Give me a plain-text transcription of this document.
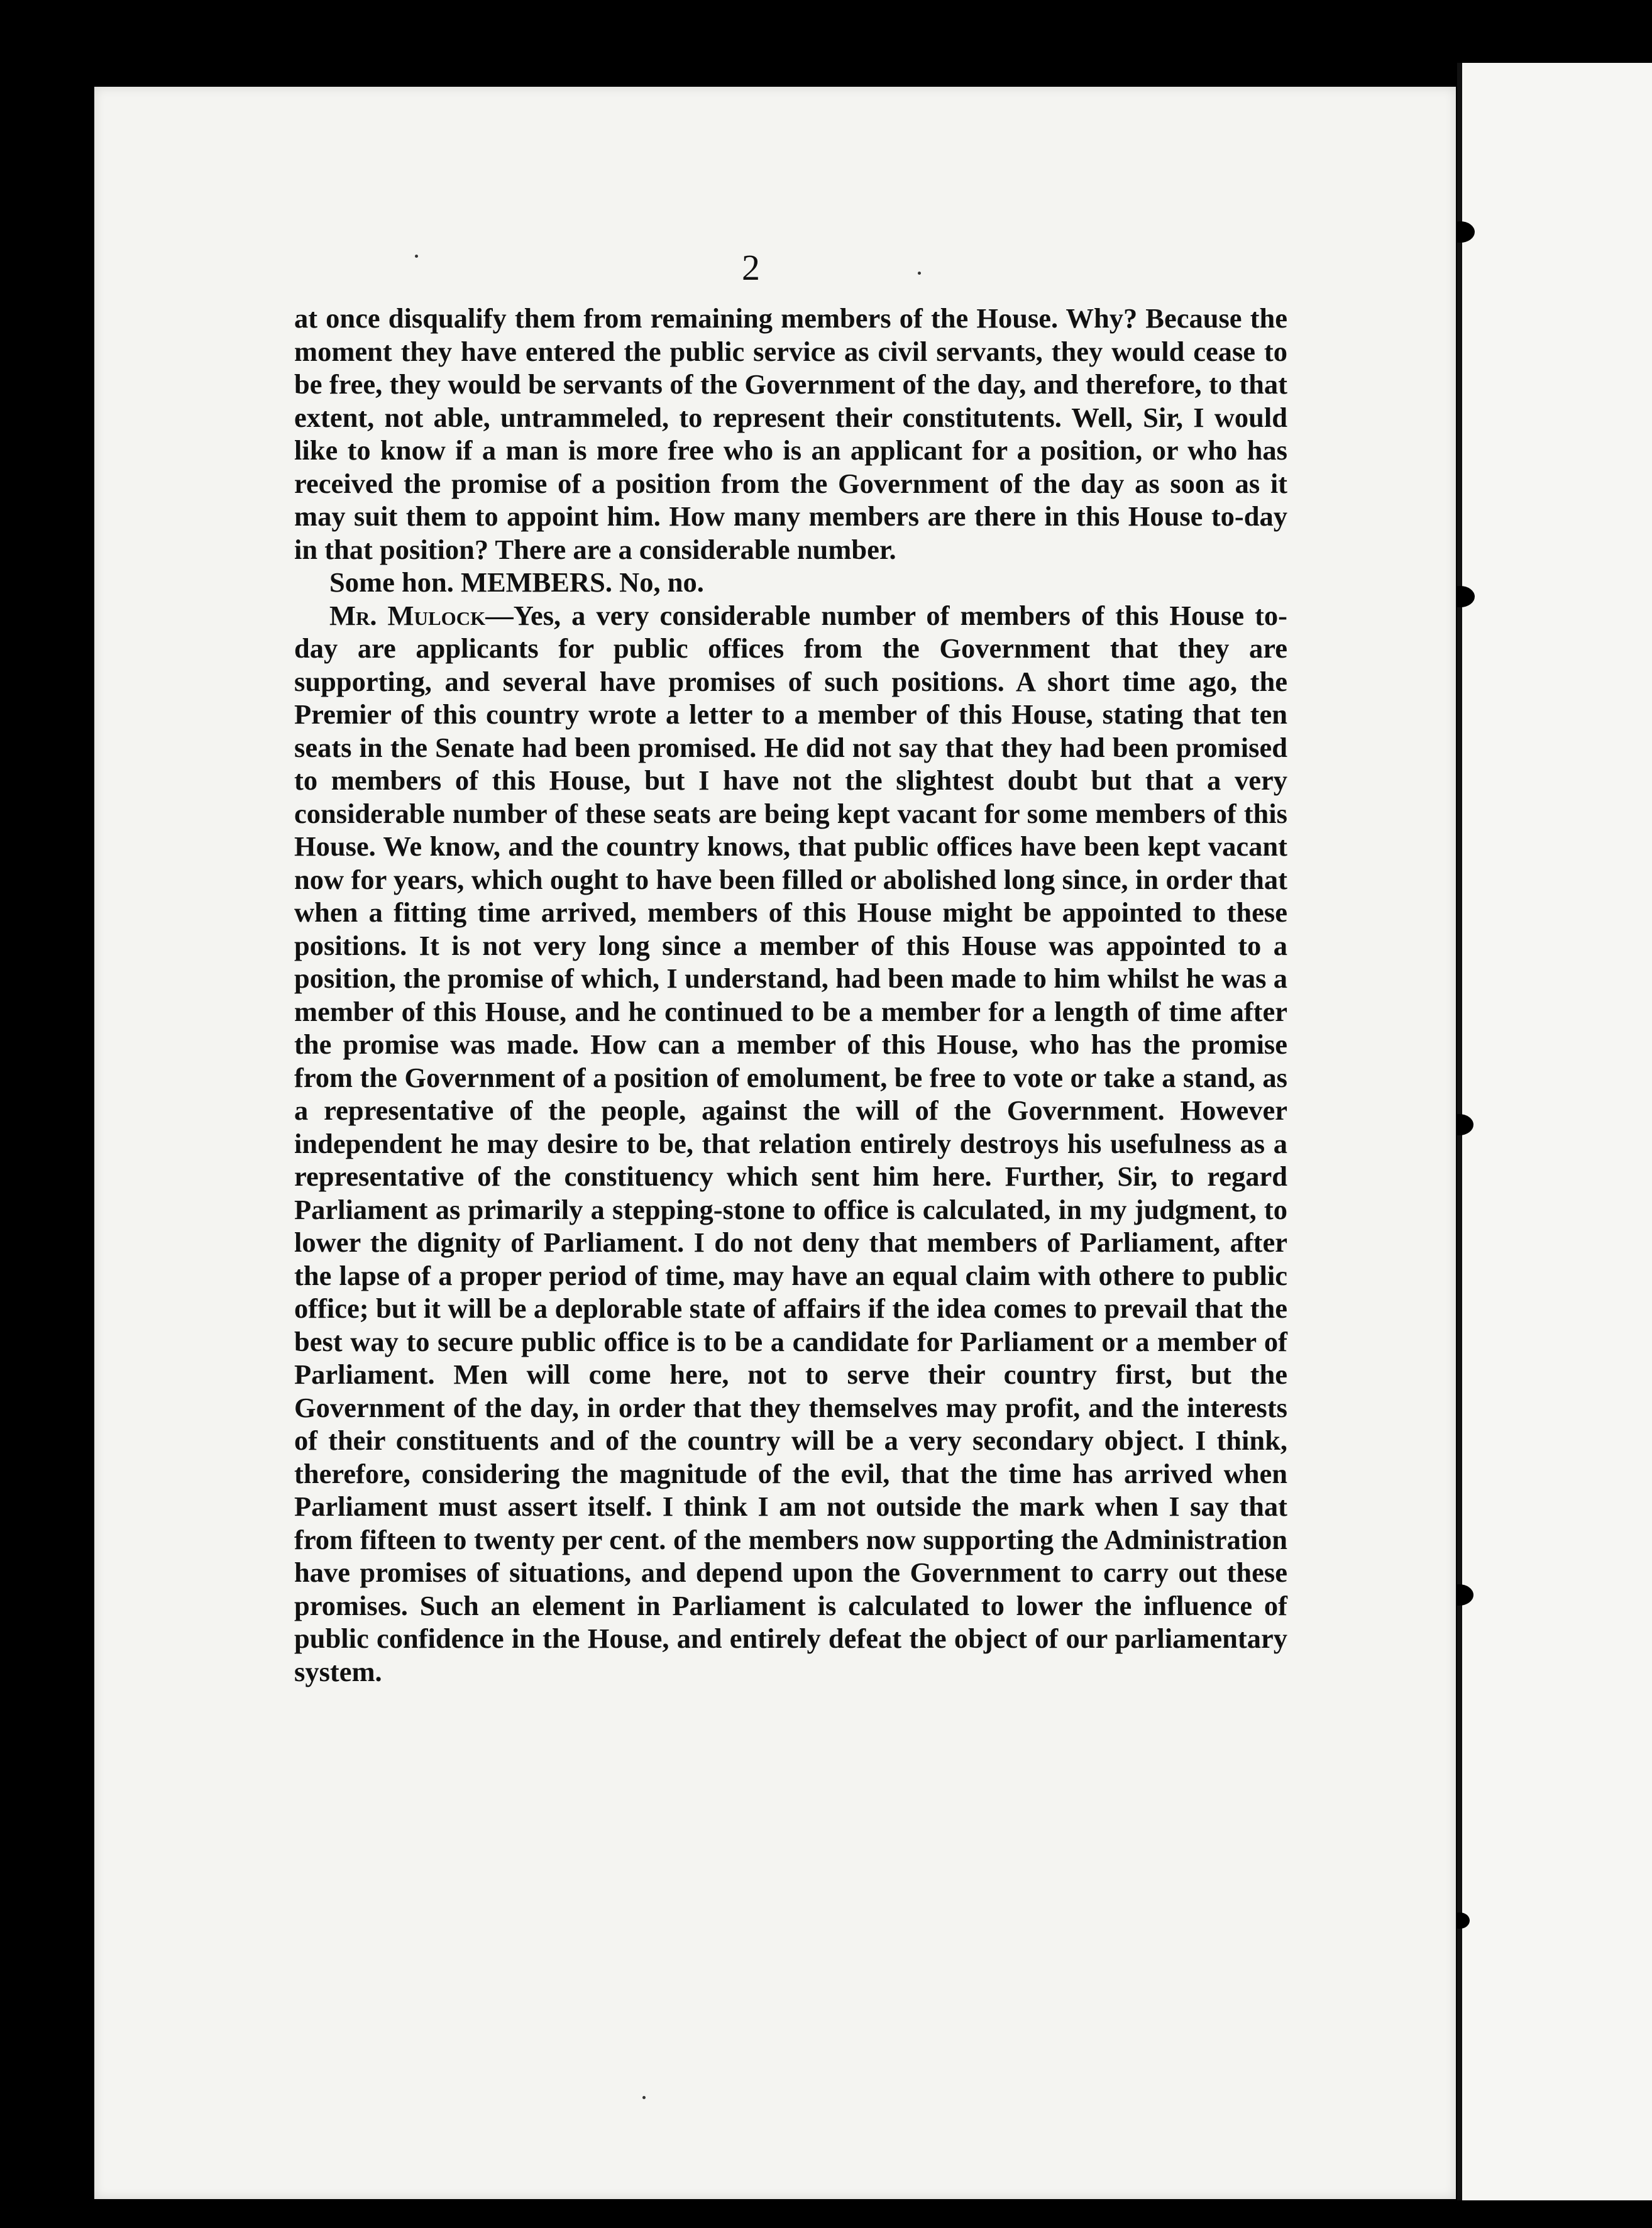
2

at once disqualify them from remaining members of the House. Why? Because the moment they have entered the public service as civil servants, they would cease to be free, they would be servants of the Government of the day, and therefore, to that extent, not able, untrammeled, to represent their constitutents. Well, Sir, I would like to know if a man is more free who is an applicant for a position, or who has received the promise of a position from the Government of the day as soon as it may suit them to appoint him. How many members are there in this House to-day in that position? There are a considerable number.

Some hon. MEMBERS. No, no.

Mr. Mulock—Yes, a very considerable number of members of this House to-day are applicants for public offices from the Government that they are supporting, and several have promises of such positions. A short time ago, the Premier of this country wrote a letter to a member of this House, stating that ten seats in the Senate had been promised. He did not say that they had been promised to members of this House, but I have not the slightest doubt but that a very considerable number of these seats are being kept vacant for some members of this House. We know, and the country knows, that public offices have been kept vacant now for years, which ought to have been filled or abolished long since, in order that when a fitting time arrived, members of this House might be appointed to these positions. It is not very long since a member of this House was appointed to a position, the promise of which, I understand, had been made to him whilst he was a member of this House, and he continued to be a member for a length of time after the promise was made. How can a member of this House, who has the promise from the Government of a position of emolument, be free to vote or take a stand, as a representative of the people, against the will of the Government. However independent he may desire to be, that relation entirely destroys his usefulness as a representative of the constituency which sent him here. Further, Sir, to regard Parliament as primarily a stepping-stone to office is calculated, in my judgment, to lower the dignity of Parliament. I do not deny that members of Parliament, after the lapse of a proper period of time, may have an equal claim with othere to public office; but it will be a deplorable state of affairs if the idea comes to prevail that the best way to secure public office is to be a candidate for Parliament or a member of Parliament. Men will come here, not to serve their country first, but the Government of the day, in order that they themselves may profit, and the interests of their constituents and of the country will be a very secondary object. I think, therefore, considering the magnitude of the evil, that the time has arrived when Parliament must assert itself. I think I am not outside the mark when I say that from fifteen to twenty per cent. of the members now supporting the Administration have promises of situations, and depend upon the Government to carry out these promises. Such an element in Parliament is calculated to lower the influence of public confidence in the House, and entirely defeat the object of our parliamentary system.
